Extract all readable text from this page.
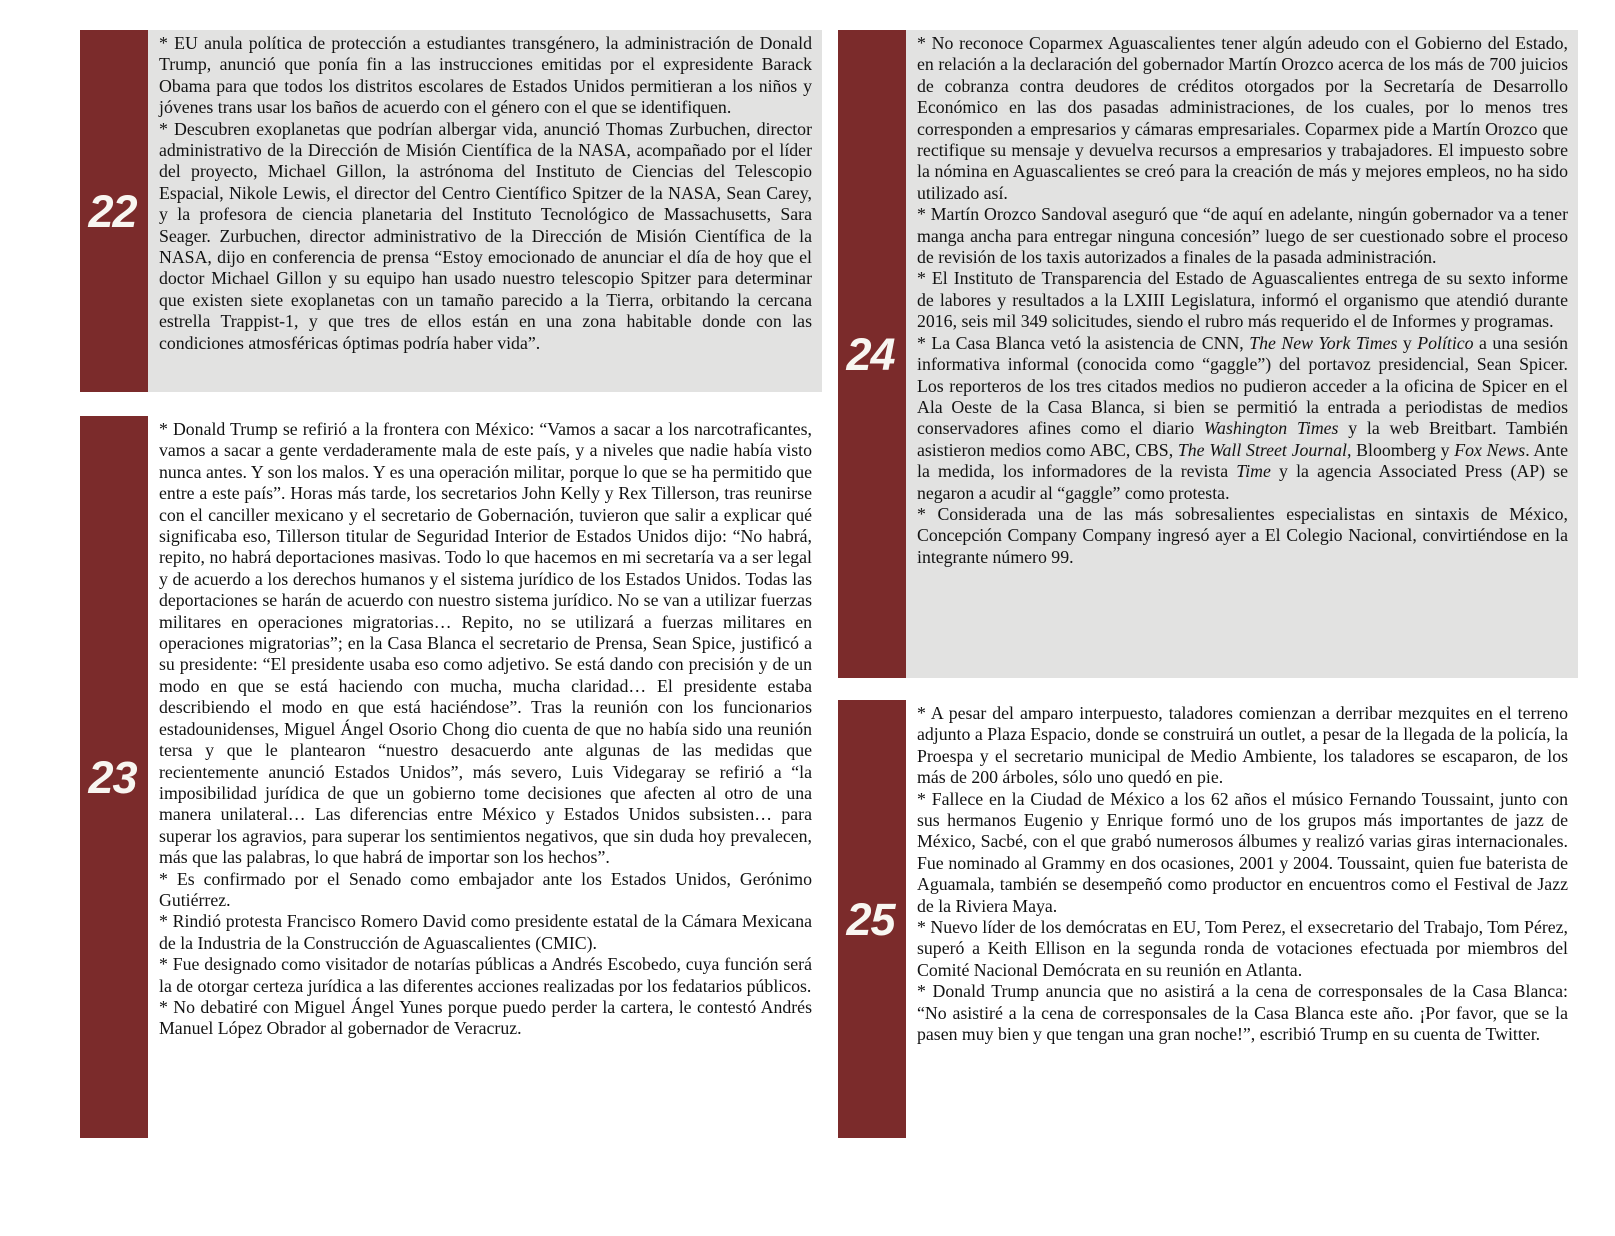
22

* EU anula política de protección a estudiantes transgénero, la administración de Donald Trump, anunció que ponía fin a las instrucciones emitidas por el expresidente Barack Obama para que todos los distritos escolares de Estados Unidos permitieran a los niños y jóvenes trans usar los baños de acuerdo con el género con el que se identifiquen.

* Descubren exoplanetas que podrían albergar vida, anunció Thomas Zurbuchen, director administrativo de la Dirección de Misión Científica de la NASA, acompañado por el líder del proyecto, Michael Gillon, la astrónoma del Instituto de Ciencias del Telescopio Espacial, Nikole Lewis, el director del Centro Científico Spitzer de la NASA, Sean Carey, y la profesora de ciencia planetaria del Instituto Tecnológico de Massachusetts, Sara Seager. Zurbuchen, director administrativo de la Dirección de Misión Científica de la NASA, dijo en conferencia de prensa “Estoy emocionado de anunciar el día de hoy que el doctor Michael Gillon y su equipo han usado nuestro telescopio Spitzer para determinar que existen siete exoplanetas con un tamaño parecido a la Tierra, orbitando la cercana estrella Trappist-1, y que tres de ellos están en una zona habitable donde con las condiciones atmosféricas óptimas podría haber vida”.

23

* Donald Trump se refirió a la frontera con México: “Vamos a sacar a los narcotraficantes, vamos a sacar a gente verdaderamente mala de este país, y a niveles que nadie había visto nunca antes. Y son los malos. Y es una operación militar, porque lo que se ha permitido que entre a este país”. Horas más tarde, los secretarios John Kelly y Rex Tillerson, tras reunirse con el canciller mexicano y el secretario de Gobernación, tuvieron que salir a explicar qué significaba eso, Tillerson titular de Seguridad Interior de Estados Unidos dijo: “No habrá, repito, no habrá deportaciones masivas. Todo lo que hacemos en mi secretaría va a ser legal y de acuerdo a los derechos humanos y el sistema jurídico de los Estados Unidos. Todas las deportaciones se harán de acuerdo con nuestro sistema jurídico. No se van a utilizar fuerzas militares en operaciones migratorias… Repito, no se utilizará a fuerzas militares en operaciones migratorias”; en la Casa Blanca el secretario de Prensa, Sean Spice, justificó a su presidente: “El presidente usaba eso como adjetivo. Se está dando con precisión y de un modo en que se está haciendo con mucha, mucha claridad… El presidente estaba describiendo el modo en que está haciéndose”. Tras la reunión con los funcionarios estadounidenses, Miguel Ángel Osorio Chong dio cuenta de que no había sido una reunión tersa y que le plantearon “nuestro desacuerdo ante algunas de las medidas que recientemente anunció Estados Unidos”, más severo, Luis Videgaray se refirió a “la imposibilidad jurídica de que un gobierno tome decisiones que afecten al otro de una manera unilateral… Las diferencias entre México y Estados Unidos subsisten… para superar los agravios, para superar los sentimientos negativos, que sin duda hoy prevalecen, más que las palabras, lo que habrá de importar son los hechos”.

* Es confirmado por el Senado como embajador ante los Estados Unidos, Gerónimo Gutiérrez.

* Rindió protesta Francisco Romero David como presidente estatal de la Cámara Mexicana de la Industria de la Construcción de Aguascalientes (CMIC).

* Fue designado como visitador de notarías públicas a Andrés Escobedo, cuya función será la de otorgar certeza jurídica a las diferentes acciones realizadas por los fedatarios públicos.

* No debatiré con Miguel Ángel Yunes porque puedo perder la cartera, le contestó Andrés Manuel López Obrador al gobernador de Veracruz.

24

* No reconoce Coparmex Aguascalientes tener algún adeudo con el Gobierno del Estado, en relación a la declaración del gobernador Martín Orozco acerca de los más de 700 juicios de cobranza contra deudores de créditos otorgados por la Secretaría de Desarrollo Económico en las dos pasadas administraciones, de los cuales, por lo menos tres corresponden a empresarios y cámaras empresariales. Coparmex pide a Martín Orozco que rectifique su mensaje y devuelva recursos a empresarios y trabajadores. El impuesto sobre la nómina en Aguascalientes se creó para la creación de más y mejores empleos, no ha sido utilizado así.

* Martín Orozco Sandoval aseguró que “de aquí en adelante, ningún gobernador va a tener manga ancha para entregar ninguna concesión” luego de ser cuestionado sobre el proceso de revisión de los taxis autorizados a finales de la pasada administración.

* El Instituto de Transparencia del Estado de Aguascalientes entrega de su sexto informe de labores y resultados a la LXIII Legislatura, informó el organismo que atendió durante 2016, seis mil 349 solicitudes, siendo el rubro más requerido el de Informes y programas.

* La Casa Blanca vetó la asistencia de CNN, The New York Times y Político a una sesión informativa informal (conocida como “gaggle”) del portavoz presidencial, Sean Spicer. Los reporteros de los tres citados medios no pudieron acceder a la oficina de Spicer en el Ala Oeste de la Casa Blanca, si bien se permitió la entrada a periodistas de medios conservadores afines como el diario Washington Times y la web Breitbart. También asistieron medios como ABC, CBS, The Wall Street Journal, Bloomberg y Fox News. Ante la medida, los informadores de la revista Time y la agencia Associated Press (AP) se negaron a acudir al “gaggle” como protesta.

* Considerada una de las más sobresalientes especialistas en sintaxis de México, Concepción Company Company ingresó ayer a El Colegio Nacional, convirtiéndose en la integrante número 99.

25

* A pesar del amparo interpuesto, taladores comienzan a derribar mezquites en el terreno adjunto a Plaza Espacio, donde se construirá un outlet, a pesar de la llegada de la policía, la Proespa y el secretario municipal de Medio Ambiente, los taladores se escaparon, de los más de 200 árboles, sólo uno quedó en pie.

* Fallece en la Ciudad de México a los 62 años el músico Fernando Toussaint, junto con sus hermanos Eugenio y Enrique formó uno de los grupos más importantes de jazz de México, Sacbé, con el que grabó numerosos álbumes y realizó varias giras internacionales. Fue nominado al Grammy en dos ocasiones, 2001 y 2004. Toussaint, quien fue baterista de Aguamala, también se desempeñó como productor en encuentros como el Festival de Jazz de la Riviera Maya.

* Nuevo líder de los demócratas en EU, Tom Perez, el exsecretario del Trabajo, Tom Pérez, superó a Keith Ellison en la segunda ronda de votaciones efectuada por miembros del Comité Nacional Demócrata en su reunión en Atlanta.

* Donald Trump anuncia que no asistirá a la cena de corresponsales de la Casa Blanca: “No asistiré a la cena de corresponsales de la Casa Blanca este año. ¡Por favor, que se la pasen muy bien y que tengan una gran noche!”, escribió Trump en su cuenta de Twitter.
